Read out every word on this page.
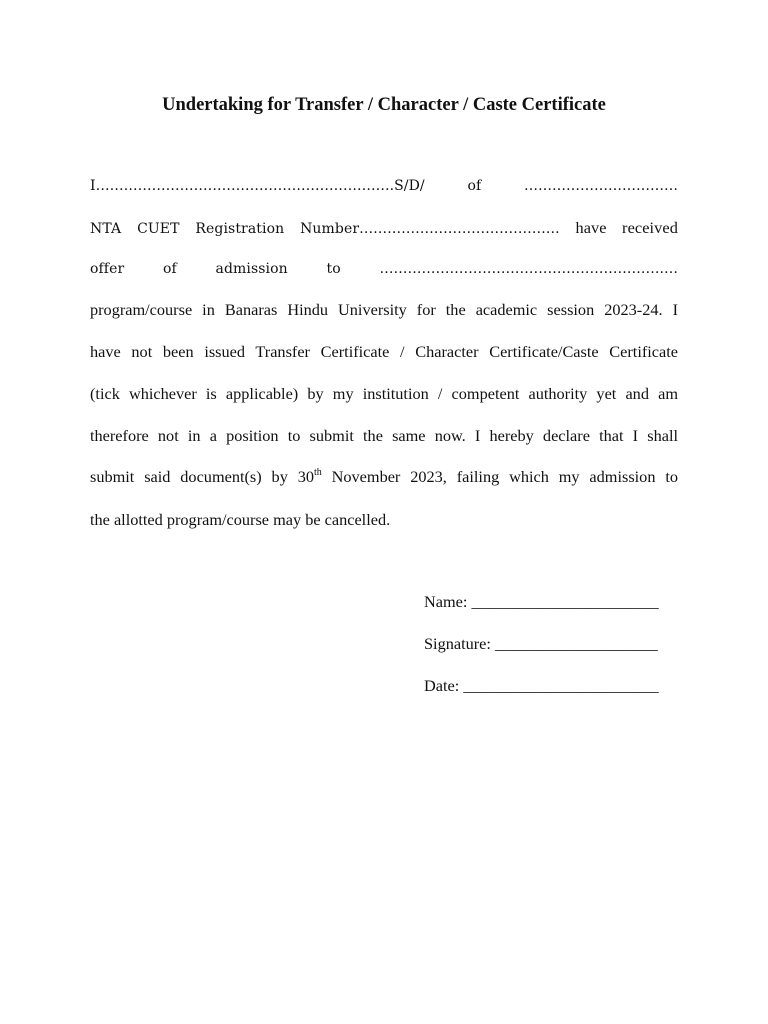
Undertaking for Transfer / Character / Caste Certificate
I……………………………………………………….S/D/ of	……………………………
NTA CUET Registration Number……………………………………. have received
offer	of	admission	to	…………………………………………………….…
program/course in Banaras Hindu University for the academic session 2023-24. I
have not been issued Transfer Certificate / Character Certificate/Caste Certificate
(tick whichever is applicable) by my institution / competent authority yet and am
therefore not in a position to submit the same now. I hereby declare that I shall
submit said document(s) by 30th November 2023, failing which my admission to
the allotted program/course may be cancelled.
Name: _______________________
Signature: ____________________
Date: ________________________
